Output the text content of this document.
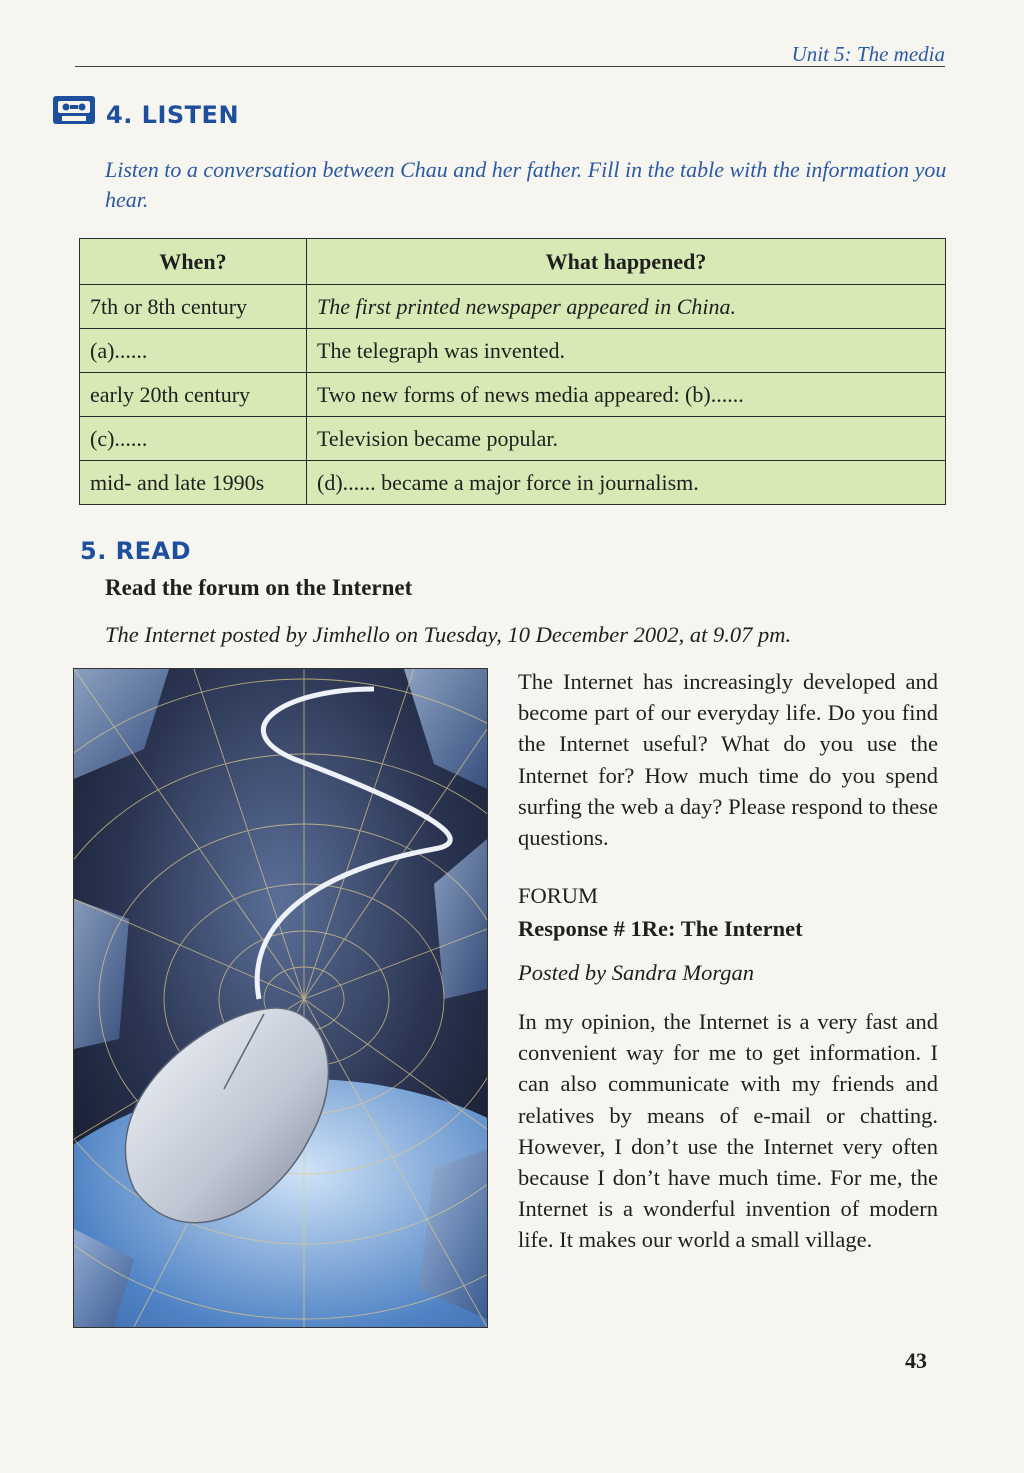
Unit 5: The media
4. LISTEN
Listen to a conversation between Chau and her father. Fill in the table with the information you hear.
When?	What happened?
7th or 8th century	The first printed newspaper appeared in China.
(a)......	The telegraph was invented.
early 20th century	Two new forms of news media appeared: (b)......
(c)......	Television became popular.
mid- and late 1990s	(d)...... became a major force in journalism.
5. READ
Read the forum on the Internet
The Internet posted by Jimhello on Tuesday, 10 December 2002, at 9.07 pm.
The Internet has increasingly developed and become part of our everyday life. Do you find the Internet useful? What do you use the Internet for? How much time do you spend surfing the web a day? Please respond to these questions.
FORUM
Response # 1Re: The Internet
Posted by Sandra Morgan
In my opinion, the Internet is a very fast and convenient way for me to get information. I can also communicate with my friends and relatives by means of e-mail or chatting. However, I don’t use the Internet very often because I don’t have much time. For me, the Internet is a wonderful invention of modern life. It makes our world a small village.
43
